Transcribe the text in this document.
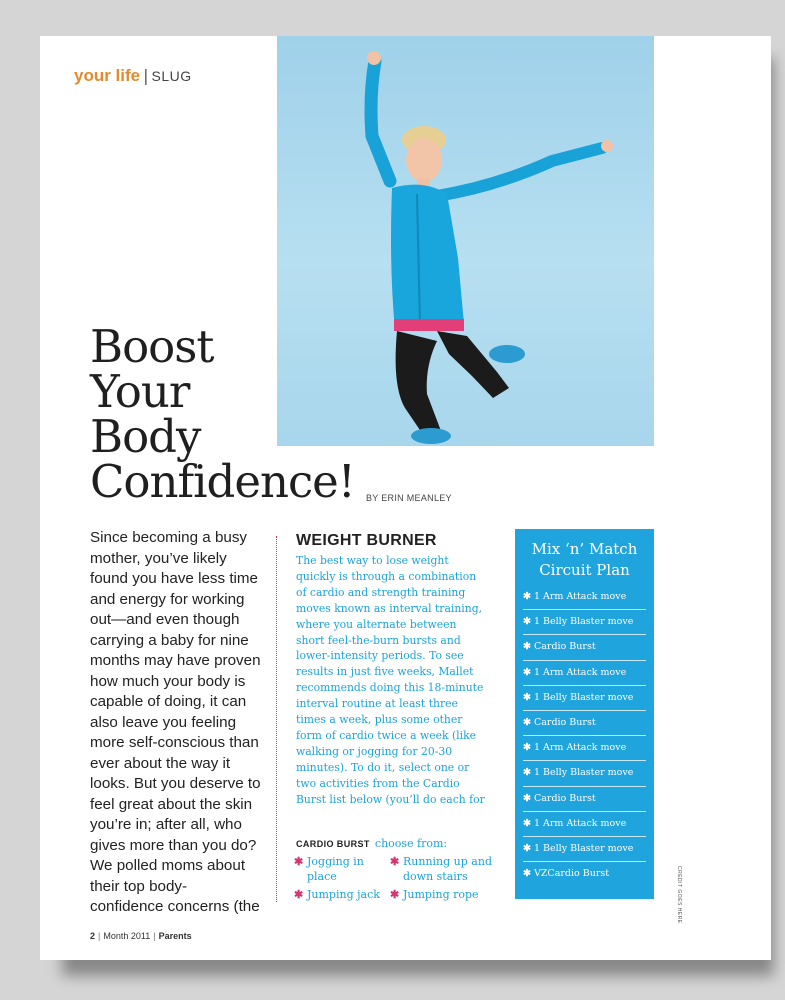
your life | SLUG
Boost
Your
Body
Confidence! BY ERIN MEANLEY
Since becoming a busy
mother, you’ve likely
found you have less time
and energy for working
out—and even though
carrying a baby for nine
months may have proven
how much your body is
capable of doing, it can
also leave you feeling
more self-conscious than
ever about the way it
looks. But you deserve to
feel great about the skin
you’re in; after all, who
gives more than you do?
We polled moms about
their top body-
confidence concerns (the
WEIGHT BURNER
The best way to lose weight
quickly is through a combination
of cardio and strength training
moves known as interval training,
where you alternate between
short feel-the-burn bursts and
lower-intensity periods. To see
results in just five weeks, Mallet
recommends doing this 18-minute
interval routine at least three
times a week, plus some other
form of cardio twice a week (like
walking or jogging for 20-30
minutes). To do it, select one or
two activities from the Cardio
Burst list below (you’ll do each for
CARDIO BURST choose from:
✱ Jogging in
place
✱ Running up and
down stairs
✱ Jumping jack ✱ Jumping rope
Mix ‘n’ Match
Circuit Plan
✱ 1 Arm Attack move
✱ 1 Belly Blaster move
✱ Cardio Burst
✱ 1 Arm Attack move
✱ 1 Belly Blaster move
✱ Cardio Burst
✱ 1 Arm Attack move
✱ 1 Belly Blaster move
✱ Cardio Burst
✱ 1 Arm Attack move
✱ 1 Belly Blaster move
✱ VZCardio Burst	CREDIT GOES HERE
2 | Month 2011 | Parents
